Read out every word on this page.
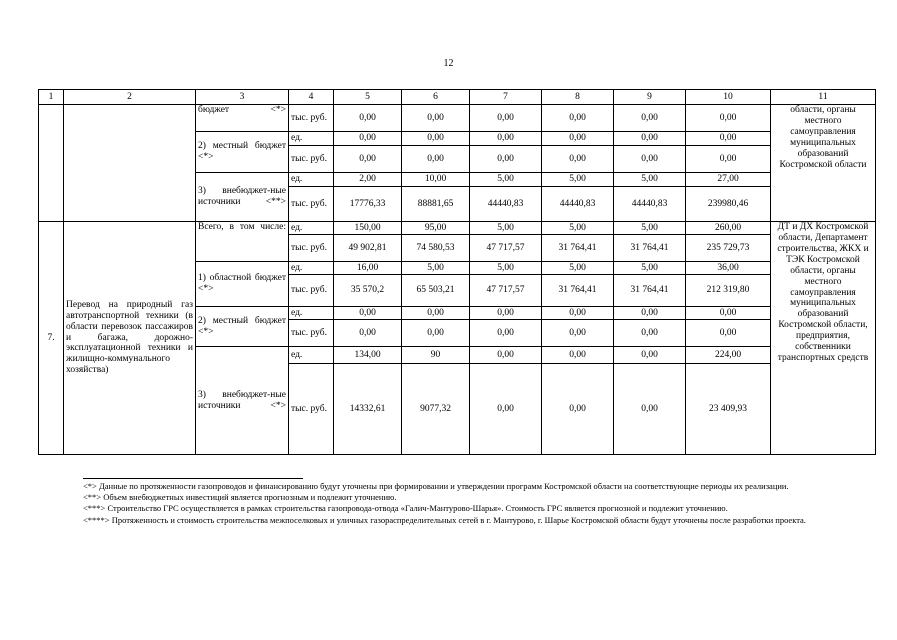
12
1	2	3	4	5	6	7	8	9	10	11
		бюджет <*>	тыс. руб.	0,00	0,00	0,00	0,00	0,00	0,00	области, органы местного самоуправления муниципальных образований Костромской области
		2) местный бюджет <*>	ед.	0,00	0,00	0,00	0,00	0,00	0,00	
			тыс. руб.	0,00	0,00	0,00	0,00	0,00	0,00	
		3) внебюджет-ные источники <**>	ед.	2,00	10,00	5,00	5,00	5,00	27,00	
			тыс. руб.	17776,33	88881,65	44440,83	44440,83	44440,83	239980,46	
7.	Перевод на природный газ автотранспортной техники (в области перевозок пассажиров и багажа, дорожно-эксплуатационной техники и жилищно-коммунального хозяйства)	Всего, в том числе:	ед.	150,00	95,00	5,00	5,00	5,00	260,00	ДТ и ДХ Костромской области, Департамент строительства, ЖКХ и ТЭК Костромской области, органы местного самоуправления муниципальных образований Костромской области, предприятия, собственники транспортных средств
			тыс. руб.	49 902,81	74 580,53	47 717,57	31 764,41	31 764,41	235 729,73	
		1) областной бюджет <*>	ед.	16,00	5,00	5,00	5,00	5,00	36,00	
			тыс. руб.	35 570,2	65 503,21	47 717,57	31 764,41	31 764,41	212 319,80	
		2) местный бюджет <*>	ед.	0,00	0,00	0,00	0,00	0,00	0,00	
			тыс. руб.	0,00	0,00	0,00	0,00	0,00	0,00	
		3) внебюджет-ные источники <*>	ед.	134,00	90	0,00	0,00	0,00	224,00	
			тыс. руб.	14332,61	9077,32	0,00	0,00	0,00	23 409,93	

<*> Данные по протяженности газопроводов и финансированию будут уточнены при формировании и утверждении программ Костромской области на соответствующие периоды их реализации.

<**> Объем внебюджетных инвестиций является прогнозным и подлежит уточнению.

<***> Строительство ГРС осуществляется в рамках строительства газопровода-отвода «Галич-Мантурово-Шарья». Стоимость ГРС является прогнозной и подлежит уточнению.

<****> Протяженность и стоимость строительства межпоселковых и уличных газораспределительных сетей в г. Мантурово, г. Шарье Костромской области будут уточнены после разработки проекта.
